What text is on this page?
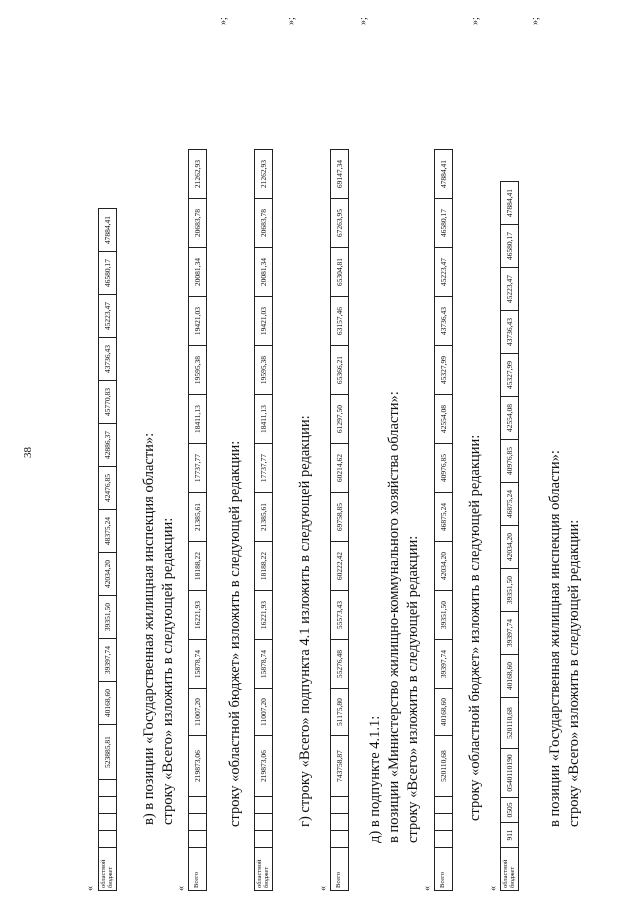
38
«
областной бюджет					523885,81	40168,60	39397,74	39351,50	42034,20	48375,24	42476,85	42886,37	45770,83	43736,43	45223,47	46580,17	47884,41
в) в позиции «Государственная жилищная инспекция области»: строку «Всего» изложить в следующей редакции:
«
Всего				219873,06	11007,20	15878,74	16221,93	18188,22	21385,61	17737,77	18411,13	19595,38	19421,03	20081,34	20683,78	21262,93
»;
строку «областной бюджет» изложить в следующей редакции:
областной бюджет				219873,06	11007,20	15878,74	16221,93	18188,22	21385,61	17737,77	18411,13	19595,38	19421,03	20081,34	20683,78	21262,93
»;
г) строку «Всего» подпункта 4.1 изложить в следующей редакции:
«
Всего				743758,87	51175,80	55276,48	55573,43	60222,42	69758,85	60214,62	61297,50	65366,21	63157,46	65304,81	67263,95	69147,34
»;
д) в подпункте 4.1.1: в позиции «Министерство жилищно-коммунального хозяйства области»: строку «Всего» изложить в следующей редакции:
«
Всего				520110,68	40168,60	39397,74	39351,50	42034,20	46875,24	40976,85	42554,08	45327,99	43736,43	45223,47	46580,17	47884,41
»;
строку «областной бюджет» изложить в следующей редакции:
«
областной бюджет	911	0505	0540110190	520110,68	40168,60	39397,74	39351,50	42034,20	46875,24	40976,85	42554,08	45327,99	43736,43	45223,47	46580,17	47884,41
»;
в позиции «Государственная жилищная инспекция области»: строку «Всего» изложить в следующей редакции:
